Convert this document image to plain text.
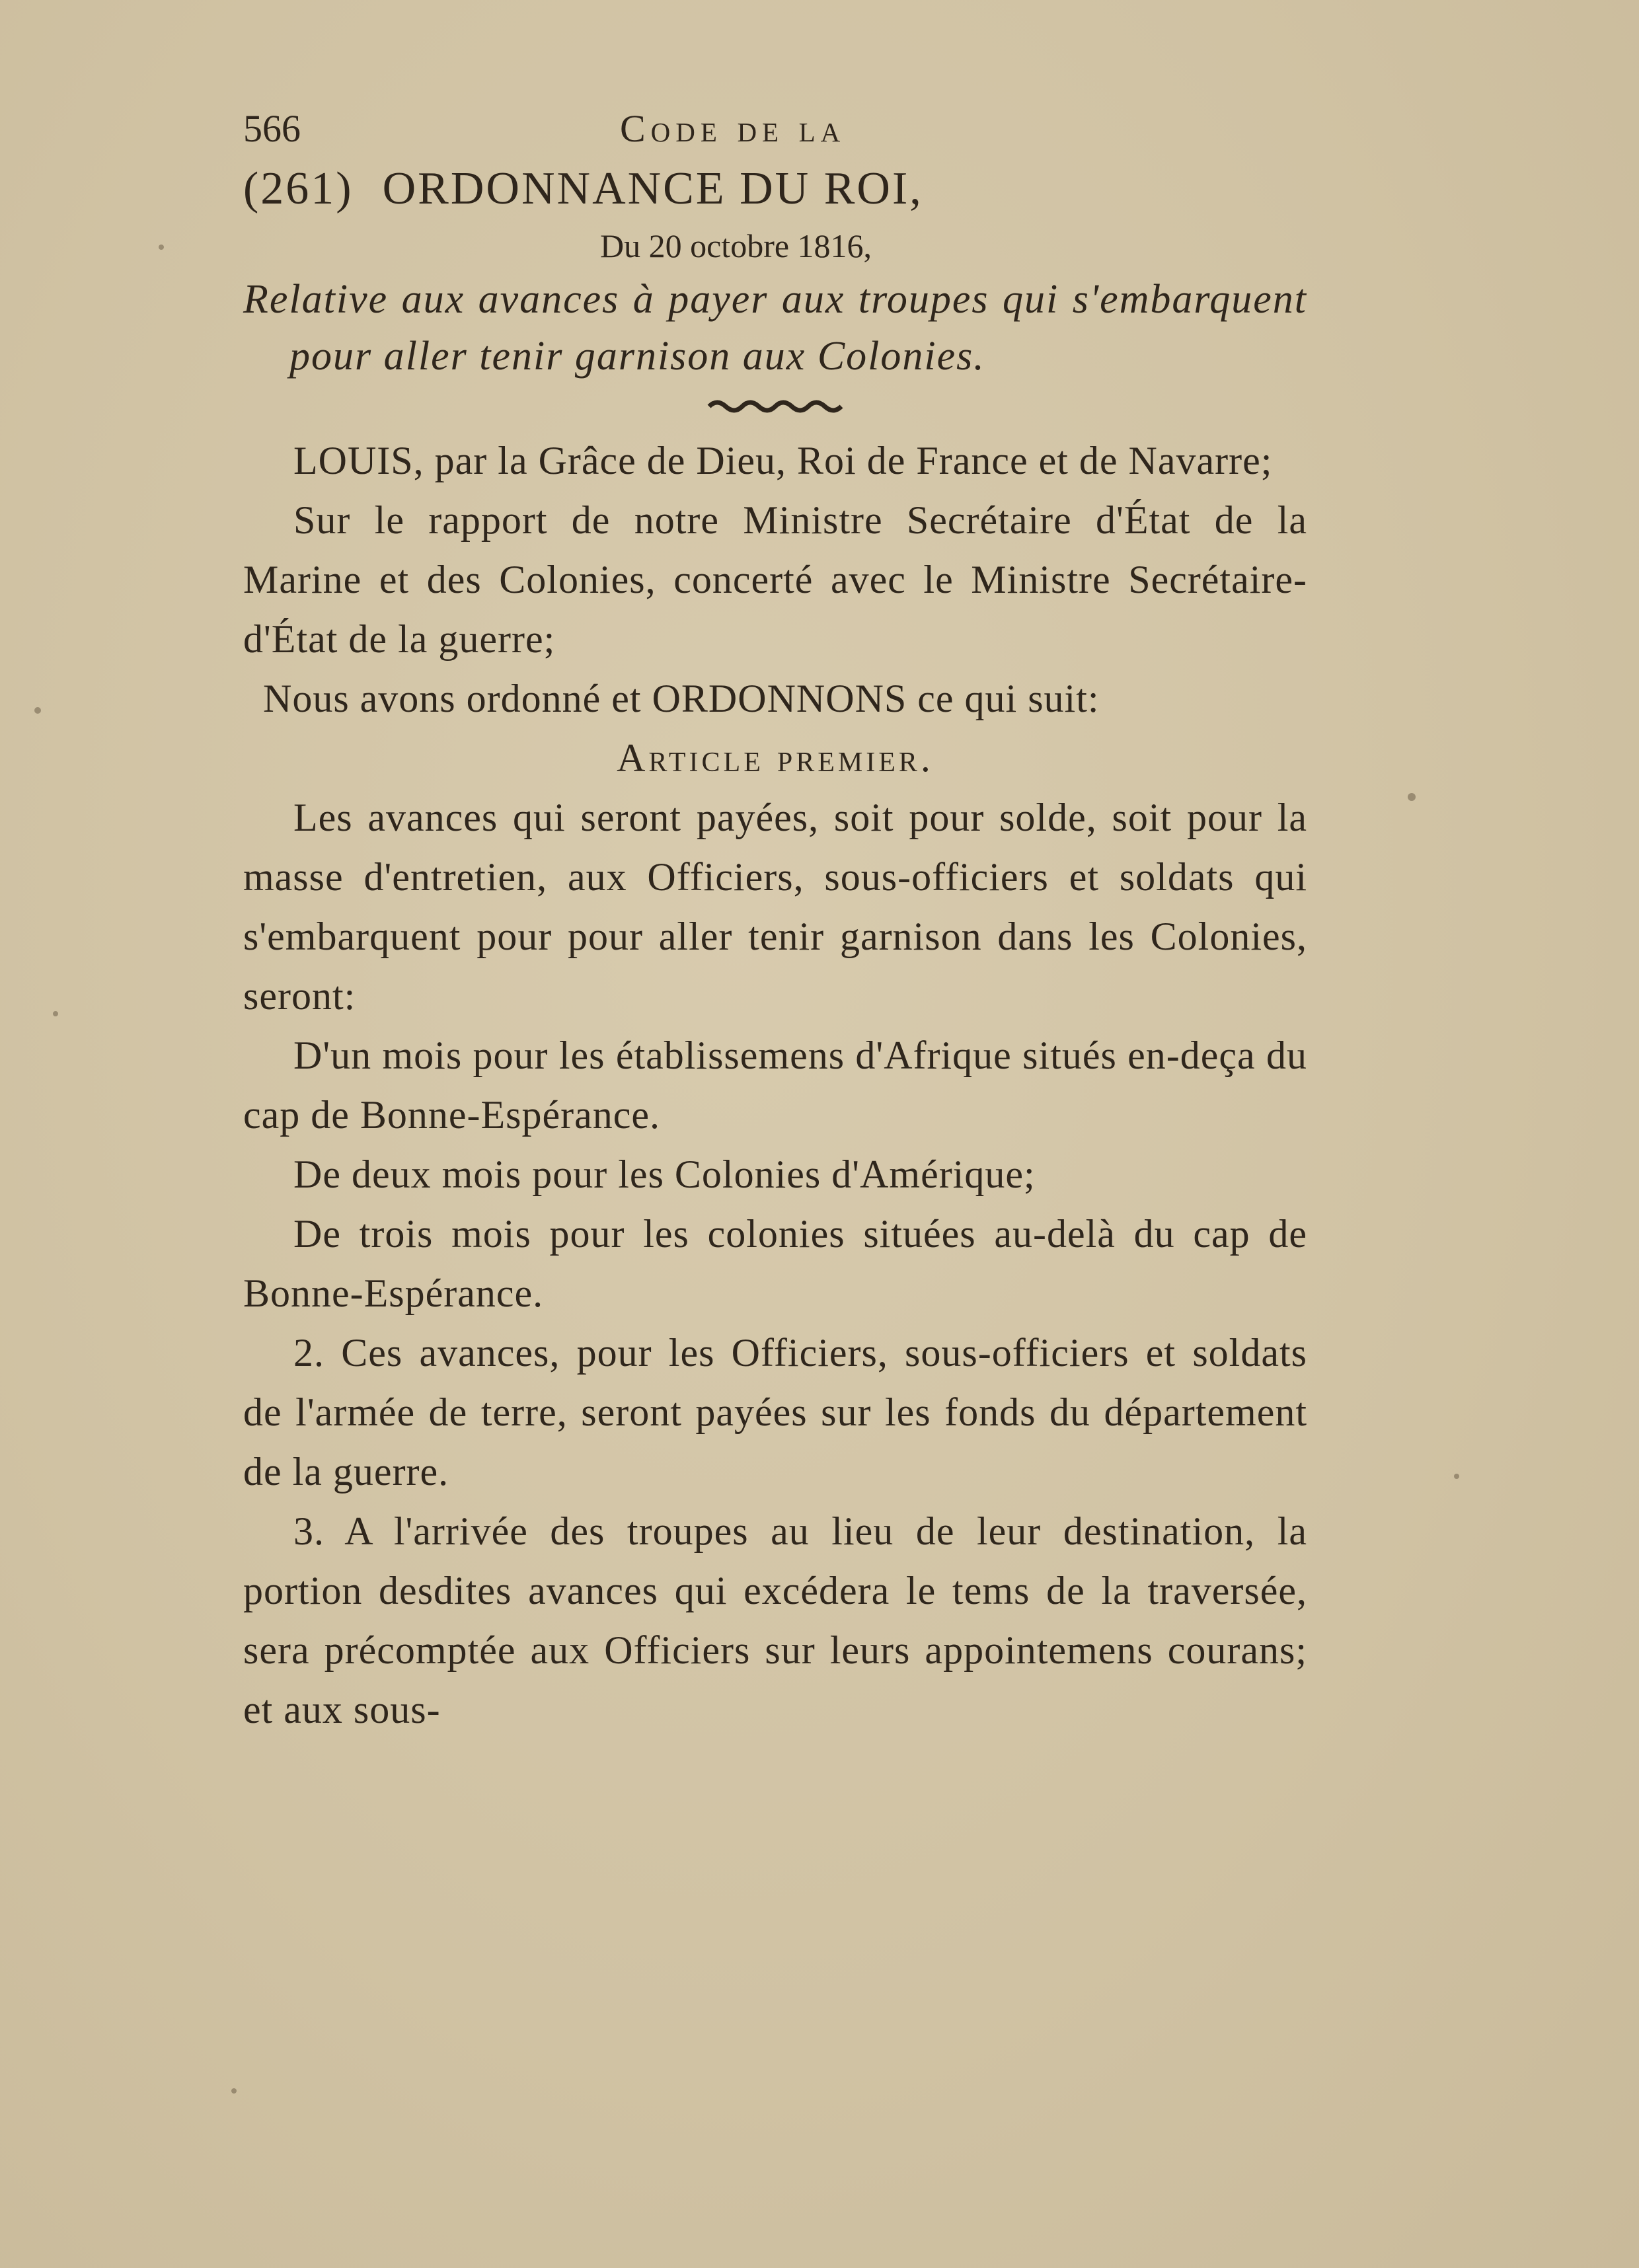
566	Code de la
(261) ORDONNANCE DU ROI,
Du 20 octobre 1816,
Relative aux avances à payer aux troupes qui s'embarquent pour aller tenir garnison aux Colonies.

LOUIS, par la Grâce de Dieu, Roi de France et de Navarre;

Sur le rapport de notre Ministre Secrétaire d'État de la Marine et des Colonies, concerté avec le Ministre Secrétaire-d'État de la guerre;

Nous avons ordonné et ORDONNONS ce qui suit:

Article premier.

Les avances qui seront payées, soit pour solde, soit pour la masse d'entretien, aux Officiers, sous-officiers et soldats qui s'embarquent pour pour aller tenir garnison dans les Colonies, seront:

D'un mois pour les établissemens d'Afrique situés en-deça du cap de Bonne-Espérance.

De deux mois pour les Colonies d'Amérique;

De trois mois pour les colonies situées au-delà du cap de Bonne-Espérance.

2. Ces avances, pour les Officiers, sous-officiers et soldats de l'armée de terre, seront payées sur les fonds du département de la guerre.

3. A l'arrivée des troupes au lieu de leur destination, la portion desdites avances qui excédera le tems de la traversée, sera précomptée aux Officiers sur leurs appointemens courans; et aux sous-
